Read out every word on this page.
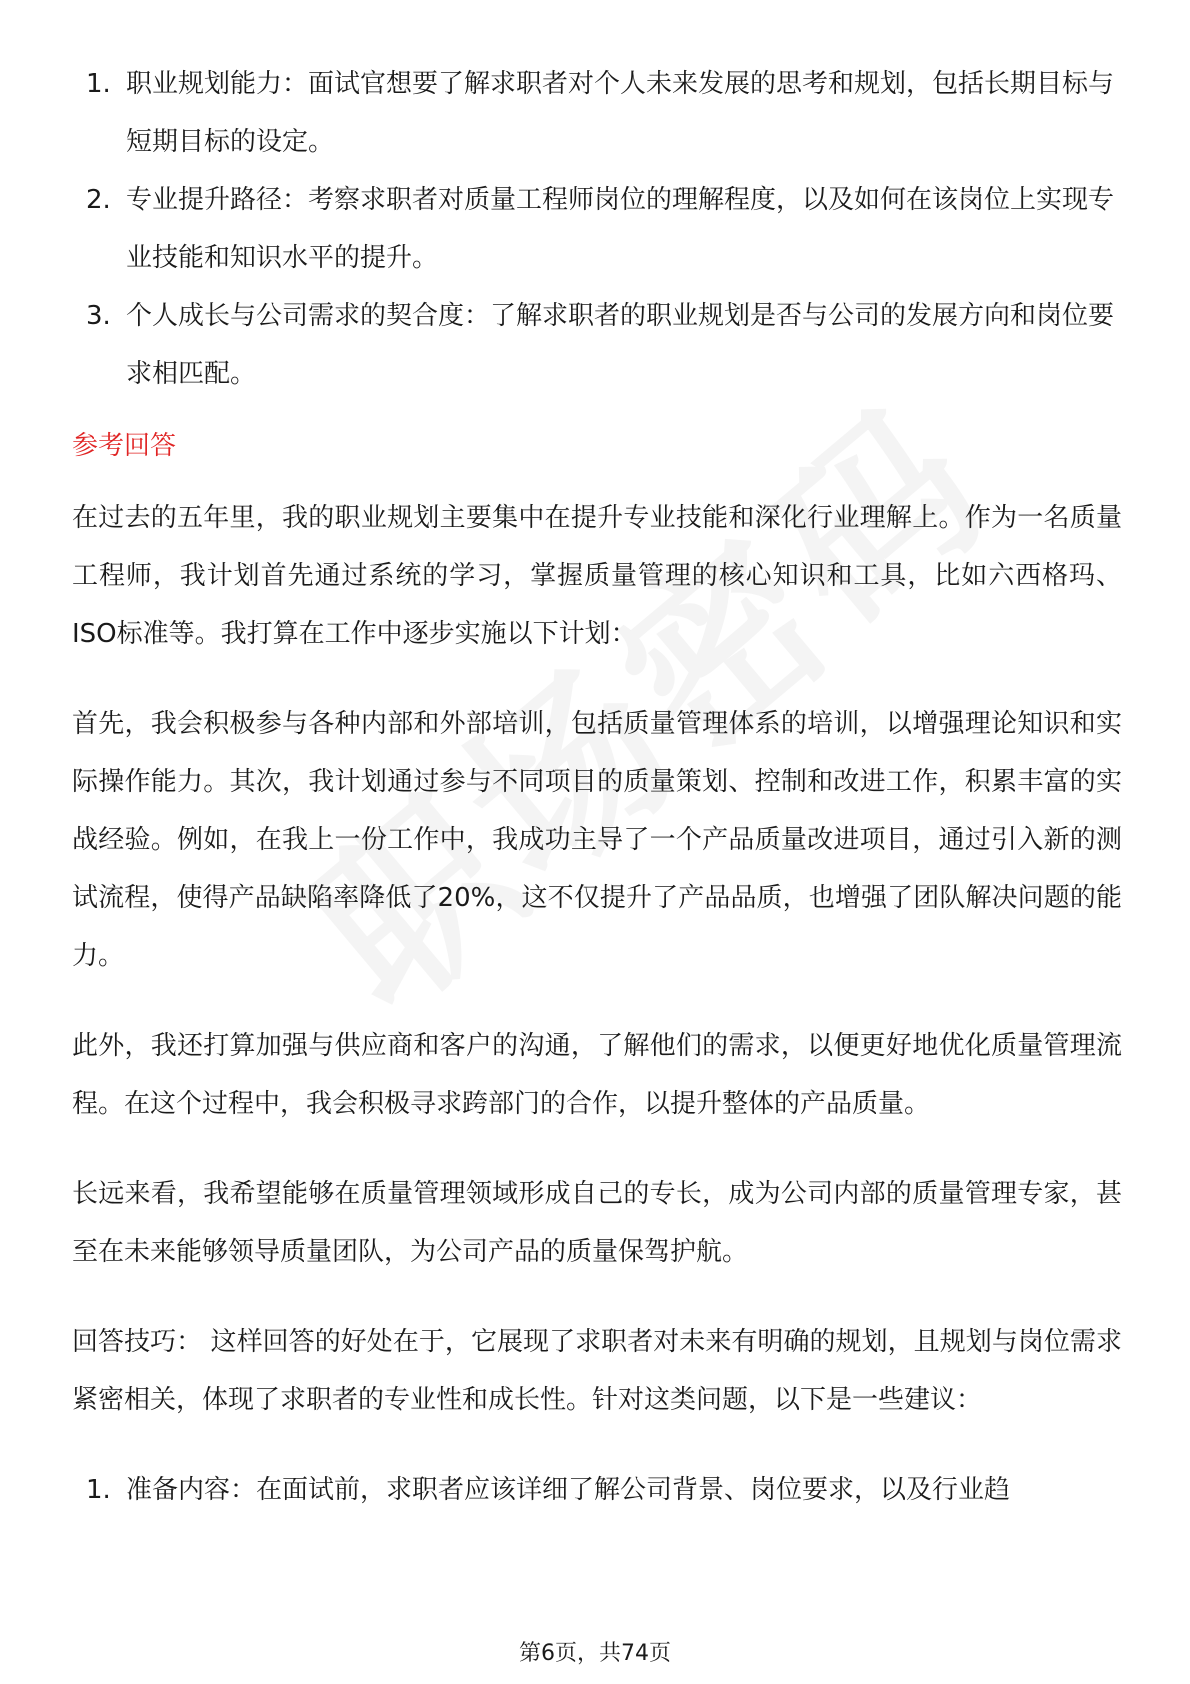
1. 职业规划能力：面试官想要了解求职者对个人未来发展的思考和规划，包括长期目标与短期目标的设定。
2. 专业提升路径：考察求职者对质量工程师岗位的理解程度，以及如何在该岗位上实现专业技能和知识水平的提升。
3. 个人成长与公司需求的契合度：了解求职者的职业规划是否与公司的发展方向和岗位要求相匹配。
参考回答

在过去的五年里，我的职业规划主要集中在提升专业技能和深化行业理解上。作为一名质量工程师，我计划首先通过系统的学习，掌握质量管理的核心知识和工具，比如六西格玛、ISO标准等。我打算在工作中逐步实施以下计划：

首先，我会积极参与各种内部和外部培训，包括质量管理体系的培训，以增强理论知识和实际操作能力。其次，我计划通过参与不同项目的质量策划、控制和改进工作，积累丰富的实战经验。例如，在我上一份工作中，我成功主导了一个产品质量改进项目，通过引入新的测试流程，使得产品缺陷率降低了20%，这不仅提升了产品品质，也增强了团队解决问题的能力。

此外，我还打算加强与供应商和客户的沟通，了解他们的需求，以便更好地优化质量管理流程。在这个过程中，我会积极寻求跨部门的合作，以提升整体的产品质量。

长远来看，我希望能够在质量管理领域形成自己的专长，成为公司内部的质量管理专家，甚至在未来能够领导质量团队，为公司产品的质量保驾护航。

回答技巧： 这样回答的好处在于，它展现了求职者对未来有明确的规划，且规划与岗位需求紧密相关，体现了求职者的专业性和成长性。针对这类问题，以下是一些建议：

1. 准备内容：在面试前，求职者应该详细了解公司背景、岗位要求，以及行业趋
第6页，共74页
